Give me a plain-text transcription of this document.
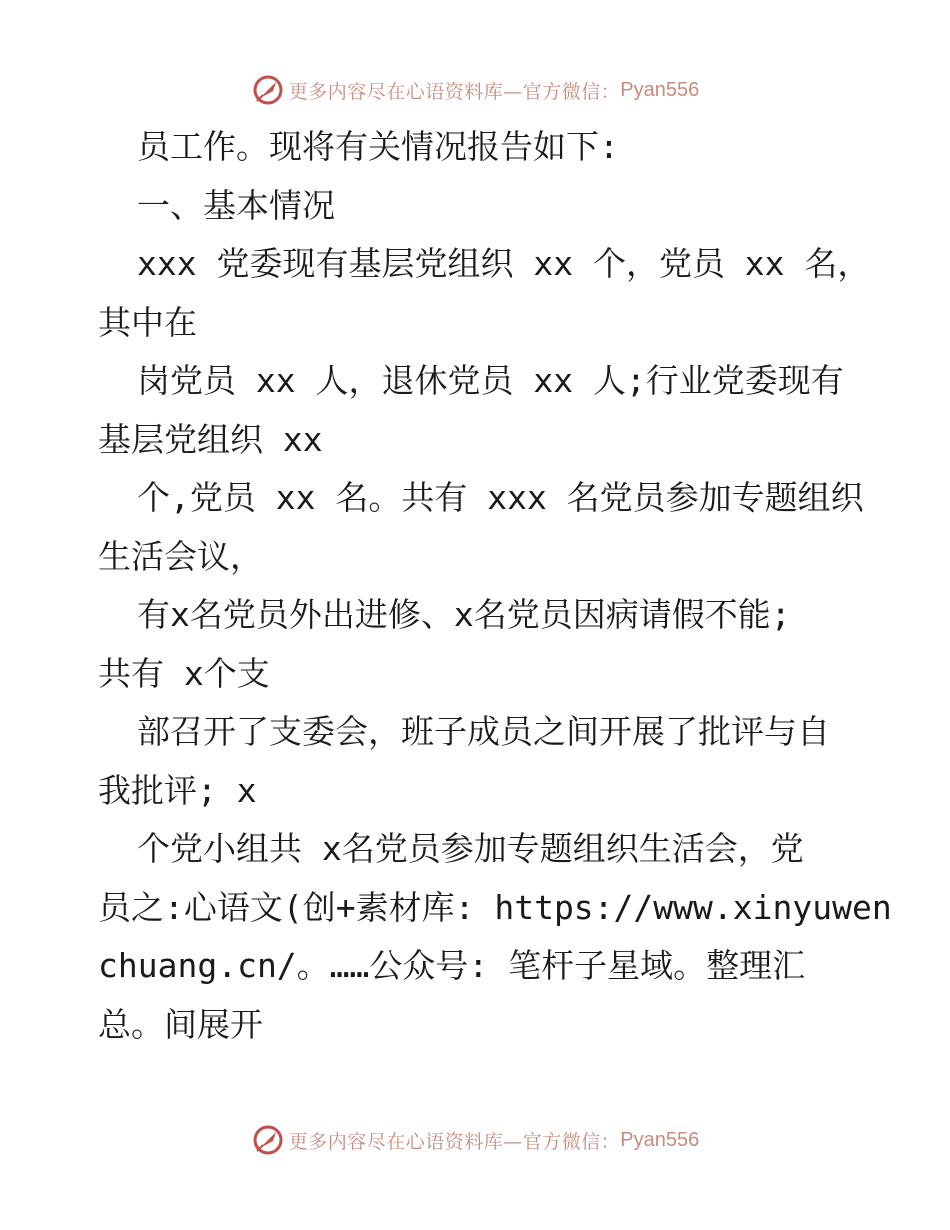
更多内容尽在心语资料库—官方微信： Pyan556
员工作。现将有关情况报告如下:
一、基本情况
xxx 党委现有基层党组织 xx 个，党员 xx 名，
其中在
岗党员 xx 人，退休党员 xx 人;行业党委现有
基层党组织 xx
个,党员 xx 名。共有 xxx 名党员参加专题组织
生活会议，
有x名党员外出进修、x名党员因病请假不能;
共有 x个支
部召开了支委会，班子成员之间开展了批评与自
我批评; x
个党小组共 x名党员参加专题组织生活会，党
员之:心语文(创+素材库: https://www.xinyuwen
chuang.cn/。……公众号: 笔杆子星域。整理汇
总。间展开
更多内容尽在心语资料库—官方微信： Pyan556
